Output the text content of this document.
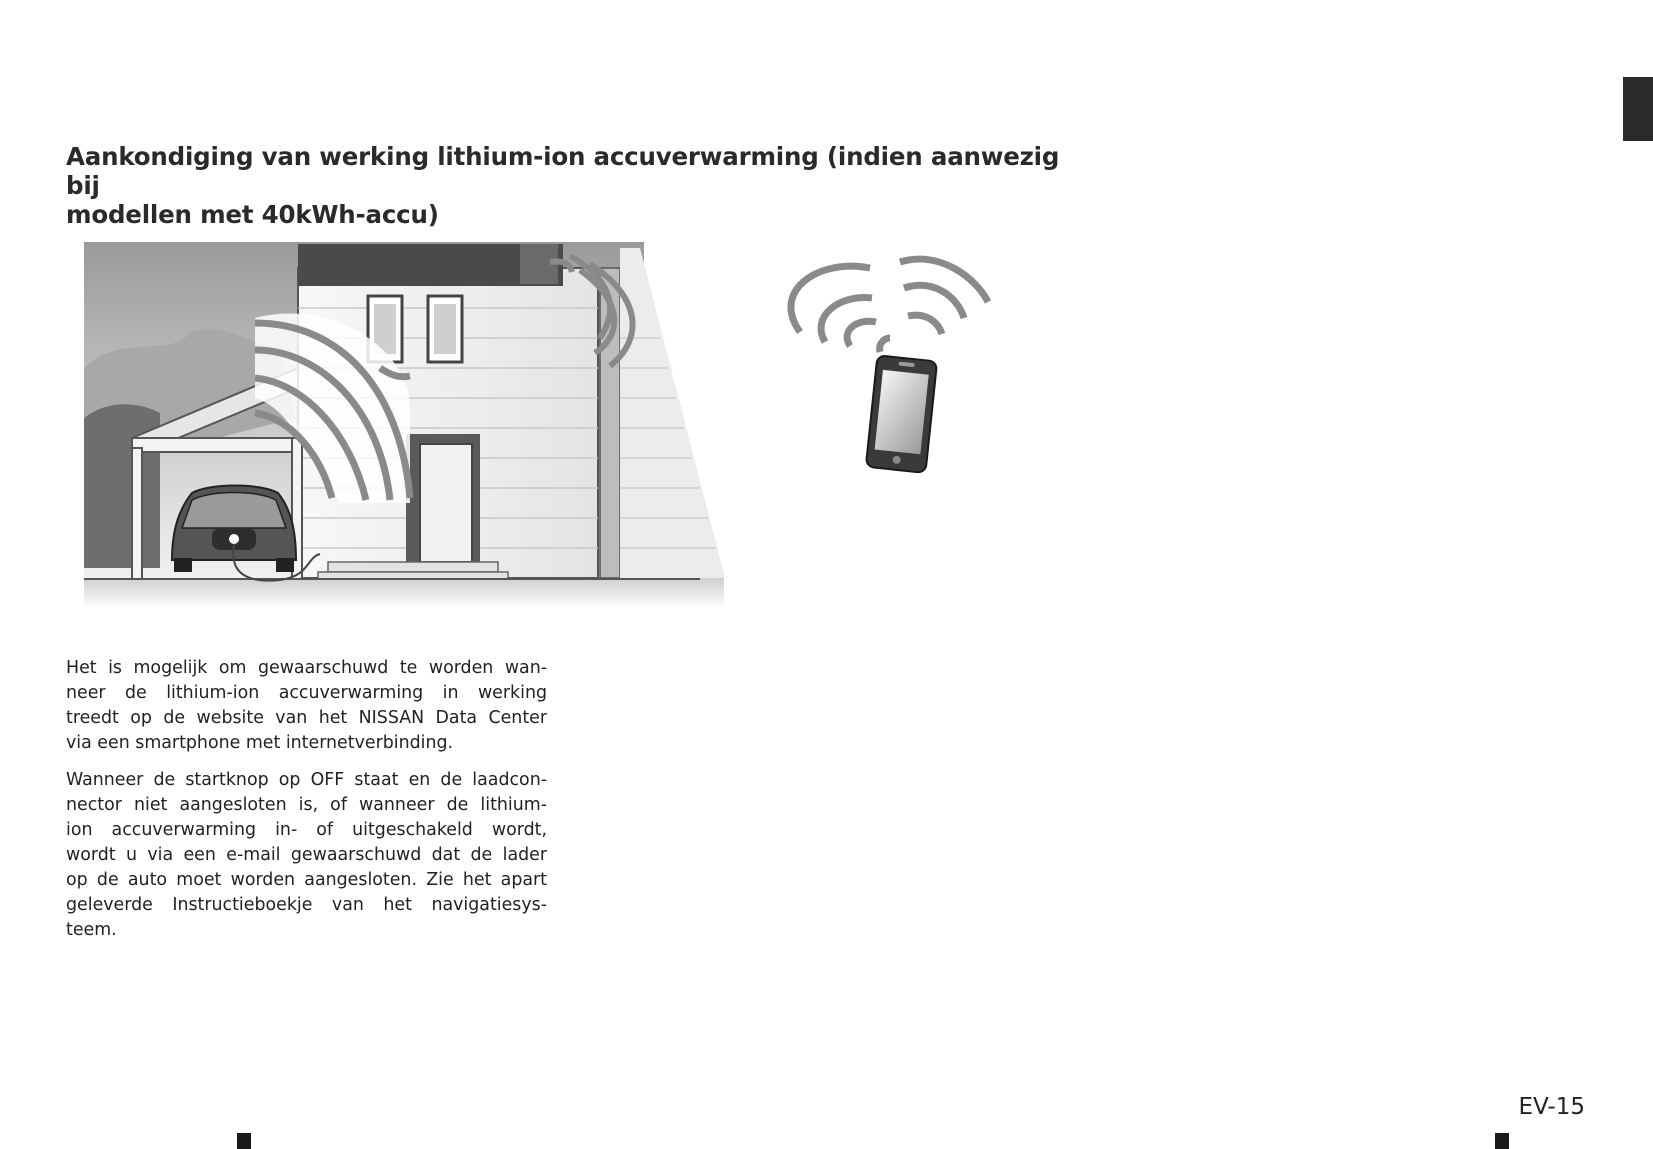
Aankondiging van werking lithium-ion accuverwarming (indien aanwezig bij
modellen met 40kWh-accu)

Het is mogelijk om gewaarschuwd te worden wan-
neer de lithium-ion accuverwarming in werking
treedt op de website van het NISSAN Data Center
via een smartphone met internetverbinding.

Wanneer de startknop op OFF staat en de laadcon-
nector niet aangesloten is, of wanneer de lithium-
ion accuverwarming in- of uitgeschakeld wordt,
wordt u via een e-mail gewaarschuwd dat de lader
op de auto moet worden aangesloten. Zie het apart
geleverde Instructieboekje van het navigatiesys-
teem.

EV-15
